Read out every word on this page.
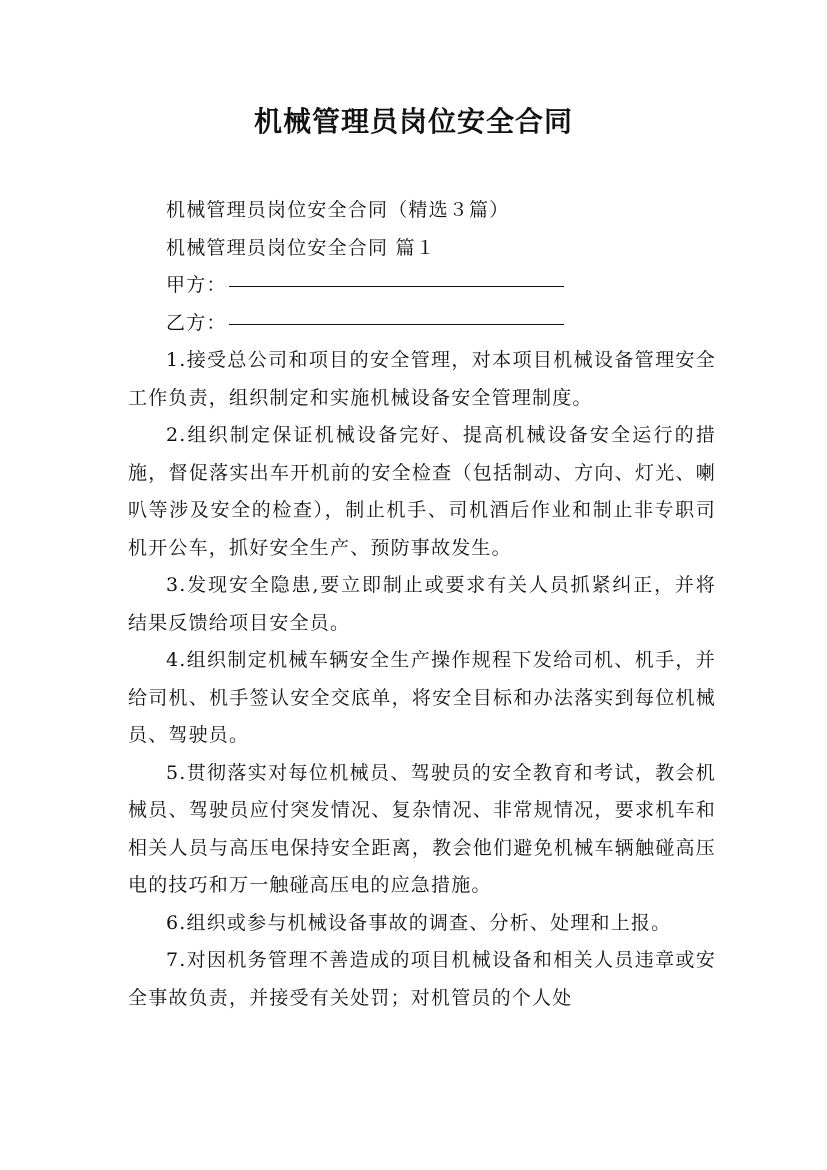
机械管理员岗位安全合同

机械管理员岗位安全合同（精选３篇）

机械管理员岗位安全合同 篇１

甲方：

乙方：

1.接受总公司和项目的安全管理，对本项目机械设备管理安全工作负责，组织制定和实施机械设备安全管理制度。

2.组织制定保证机械设备完好、提高机械设备安全运行的措施，督促落实出车开机前的安全检查（包括制动、方向、灯光、喇叭等涉及安全的检查），制止机手、司机酒后作业和制止非专职司机开公车，抓好安全生产、预防事故发生。

3.发现安全隐患,要立即制止或要求有关人员抓紧纠正，并将结果反馈给项目安全员。

4.组织制定机械车辆安全生产操作规程下发给司机、机手，并给司机、机手签认安全交底单，将安全目标和办法落实到每位机械员、驾驶员。

5.贯彻落实对每位机械员、驾驶员的安全教育和考试，教会机械员、驾驶员应付突发情况、复杂情况、非常规情况，要求机车和相关人员与高压电保持安全距离，教会他们避免机械车辆触碰高压电的技巧和万一触碰高压电的应急措施。

6.组织或参与机械设备事故的调查、分析、处理和上报。

7.对因机务管理不善造成的项目机械设备和相关人员违章或安全事故负责，并接受有关处罚；对机管员的个人处
